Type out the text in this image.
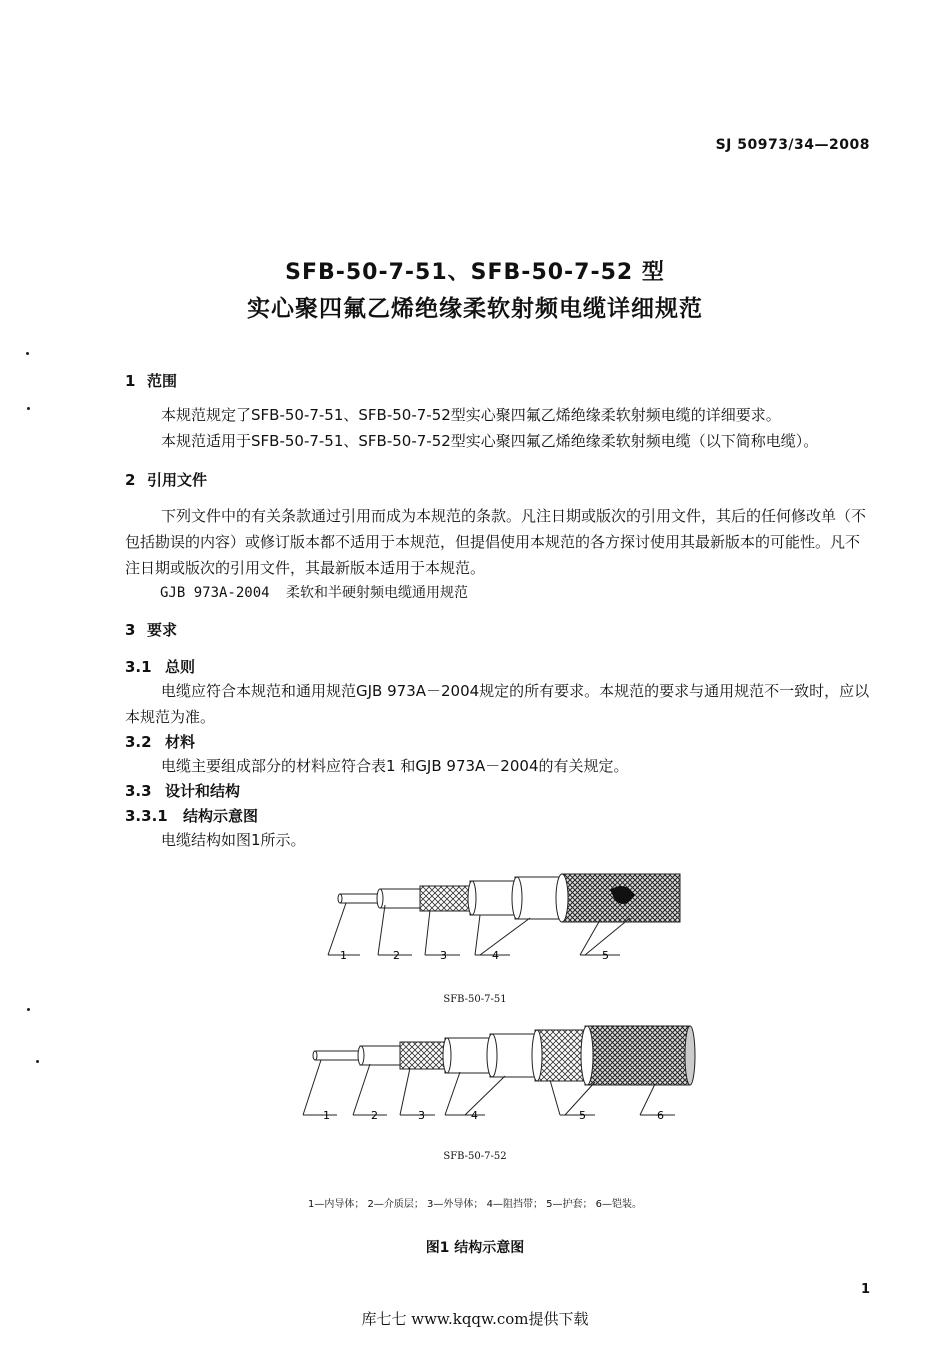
SJ 50973/34—2008
SFB-50-7-51、SFB-50-7-52 型
实心聚四氟乙烯绝缘柔软射频电缆详细规范
1 范围
本规范规定了SFB-50-7-51、SFB-50-7-52型实心聚四氟乙烯绝缘柔软射频电缆的详细要求。
本规范适用于SFB-50-7-51、SFB-50-7-52型实心聚四氟乙烯绝缘柔软射频电缆（以下简称电缆）。
2 引用文件
下列文件中的有关条款通过引用而成为本规范的条款。凡注日期或版次的引用文件，其后的任何修改单（不包括勘误的内容）或修订版本都不适用于本规范，但提倡使用本规范的各方探讨使用其最新版本的可能性。凡不注日期或版次的引用文件，其最新版本适用于本规范。
GJB 973A-2004 柔软和半硬射频电缆通用规范
3 要求
3.1 总则
电缆应符合本规范和通用规范GJB 973A－2004规定的所有要求。本规范的要求与通用规范不一致时，应以本规范为准。
3.2 材料
电缆主要组成部分的材料应符合表1 和GJB 973A－2004的有关规定。
3.3 设计和结构
3.3.1 结构示意图
电缆结构如图1所示。
1	2	3	4	5
SFB-50-7-51
1	2	3	4	5	6
SFB-50-7-52
1—内导体； 2—介质层； 3—外导体； 4—阻挡带； 5—护套； 6—铠装。
图1 结构示意图
1
库七七 www.kqqw.com提供下载
